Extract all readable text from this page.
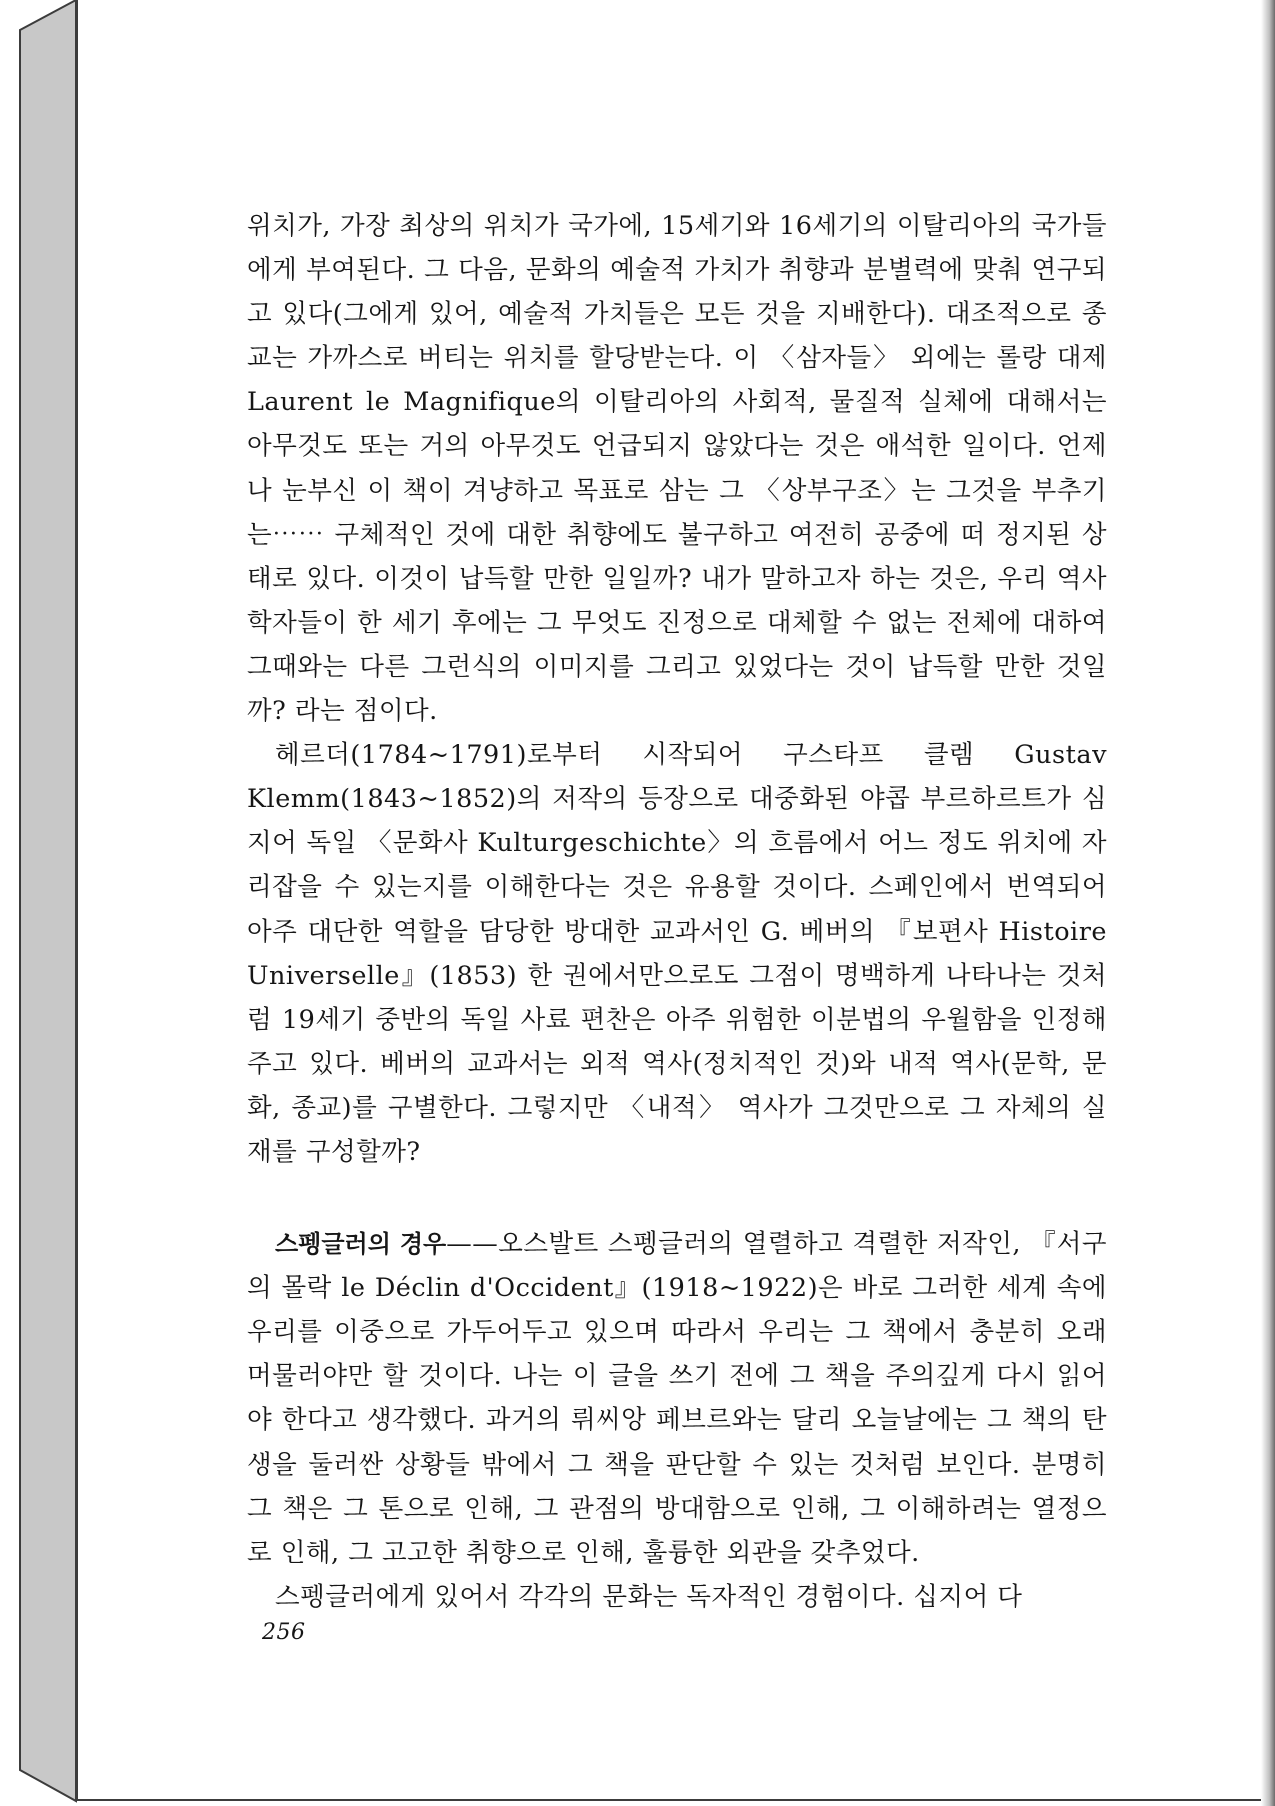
위치가, 가장 최상의 위치가 국가에, 15세기와 16세기의 이탈리아의 국가들에게 부여된다. 그 다음, 문화의 예술적 가치가 취향과 분별력에 맞춰 연구되고 있다(그에게 있어, 예술적 가치들은 모든 것을 지배한다). 대조적으로 종교는 가까스로 버티는 위치를 할당받는다. 이 〈삼자들〉 외에는 롤랑 대제 Laurent le Magnifique의 이탈리아의 사회적, 물질적 실체에 대해서는 아무것도 또는 거의 아무것도 언급되지 않았다는 것은 애석한 일이다. 언제나 눈부신 이 책이 겨냥하고 목표로 삼는 그 〈상부구조〉는 그것을 부추기는⋯⋯ 구체적인 것에 대한 취향에도 불구하고 여전히 공중에 떠 정지된 상태로 있다. 이것이 납득할 만한 일일까? 내가 말하고자 하는 것은, 우리 역사학자들이 한 세기 후에는 그 무엇도 진정으로 대체할 수 없는 전체에 대하여 그때와는 다른 그런식의 이미지를 그리고 있었다는 것이 납득할 만한 것일까? 라는 점이다.

헤르더(1784~1791)로부터 시작되어 구스타프 클렘 Gustav Klemm(1843~1852)의 저작의 등장으로 대중화된 야콥 부르하르트가 심지어 독일 〈문화사 Kulturgeschichte〉의 흐름에서 어느 정도 위치에 자리잡을 수 있는지를 이해한다는 것은 유용할 것이다. 스페인에서 번역되어 아주 대단한 역할을 담당한 방대한 교과서인 G. 베버의 『보편사 Histoire Universelle』(1853) 한 권에서만으로도 그점이 명백하게 나타나는 것처럼 19세기 중반의 독일 사료 편찬은 아주 위험한 이분법의 우월함을 인정해주고 있다. 베버의 교과서는 외적 역사(정치적인 것)와 내적 역사(문학, 문화, 종교)를 구별한다. 그렇지만 〈내적〉 역사가 그것만으로 그 자체의 실재를 구성할까?

스펭글러의 경우——오스발트 스펭글러의 열렬하고 격렬한 저작인, 『서구의 몰락 le Déclin d'Occident』(1918~1922)은 바로 그러한 세계 속에 우리를 이중으로 가두어두고 있으며 따라서 우리는 그 책에서 충분히 오래 머물러야만 할 것이다. 나는 이 글을 쓰기 전에 그 책을 주의깊게 다시 읽어야 한다고 생각했다. 과거의 뤼씨앙 페브르와는 달리 오늘날에는 그 책의 탄생을 둘러싼 상황들 밖에서 그 책을 판단할 수 있는 것처럼 보인다. 분명히 그 책은 그 톤으로 인해, 그 관점의 방대함으로 인해, 그 이해하려는 열정으로 인해, 그 고고한 취향으로 인해, 훌륭한 외관을 갖추었다.

스펭글러에게 있어서 각각의 문화는 독자적인 경험이다. 십지어 다

256
